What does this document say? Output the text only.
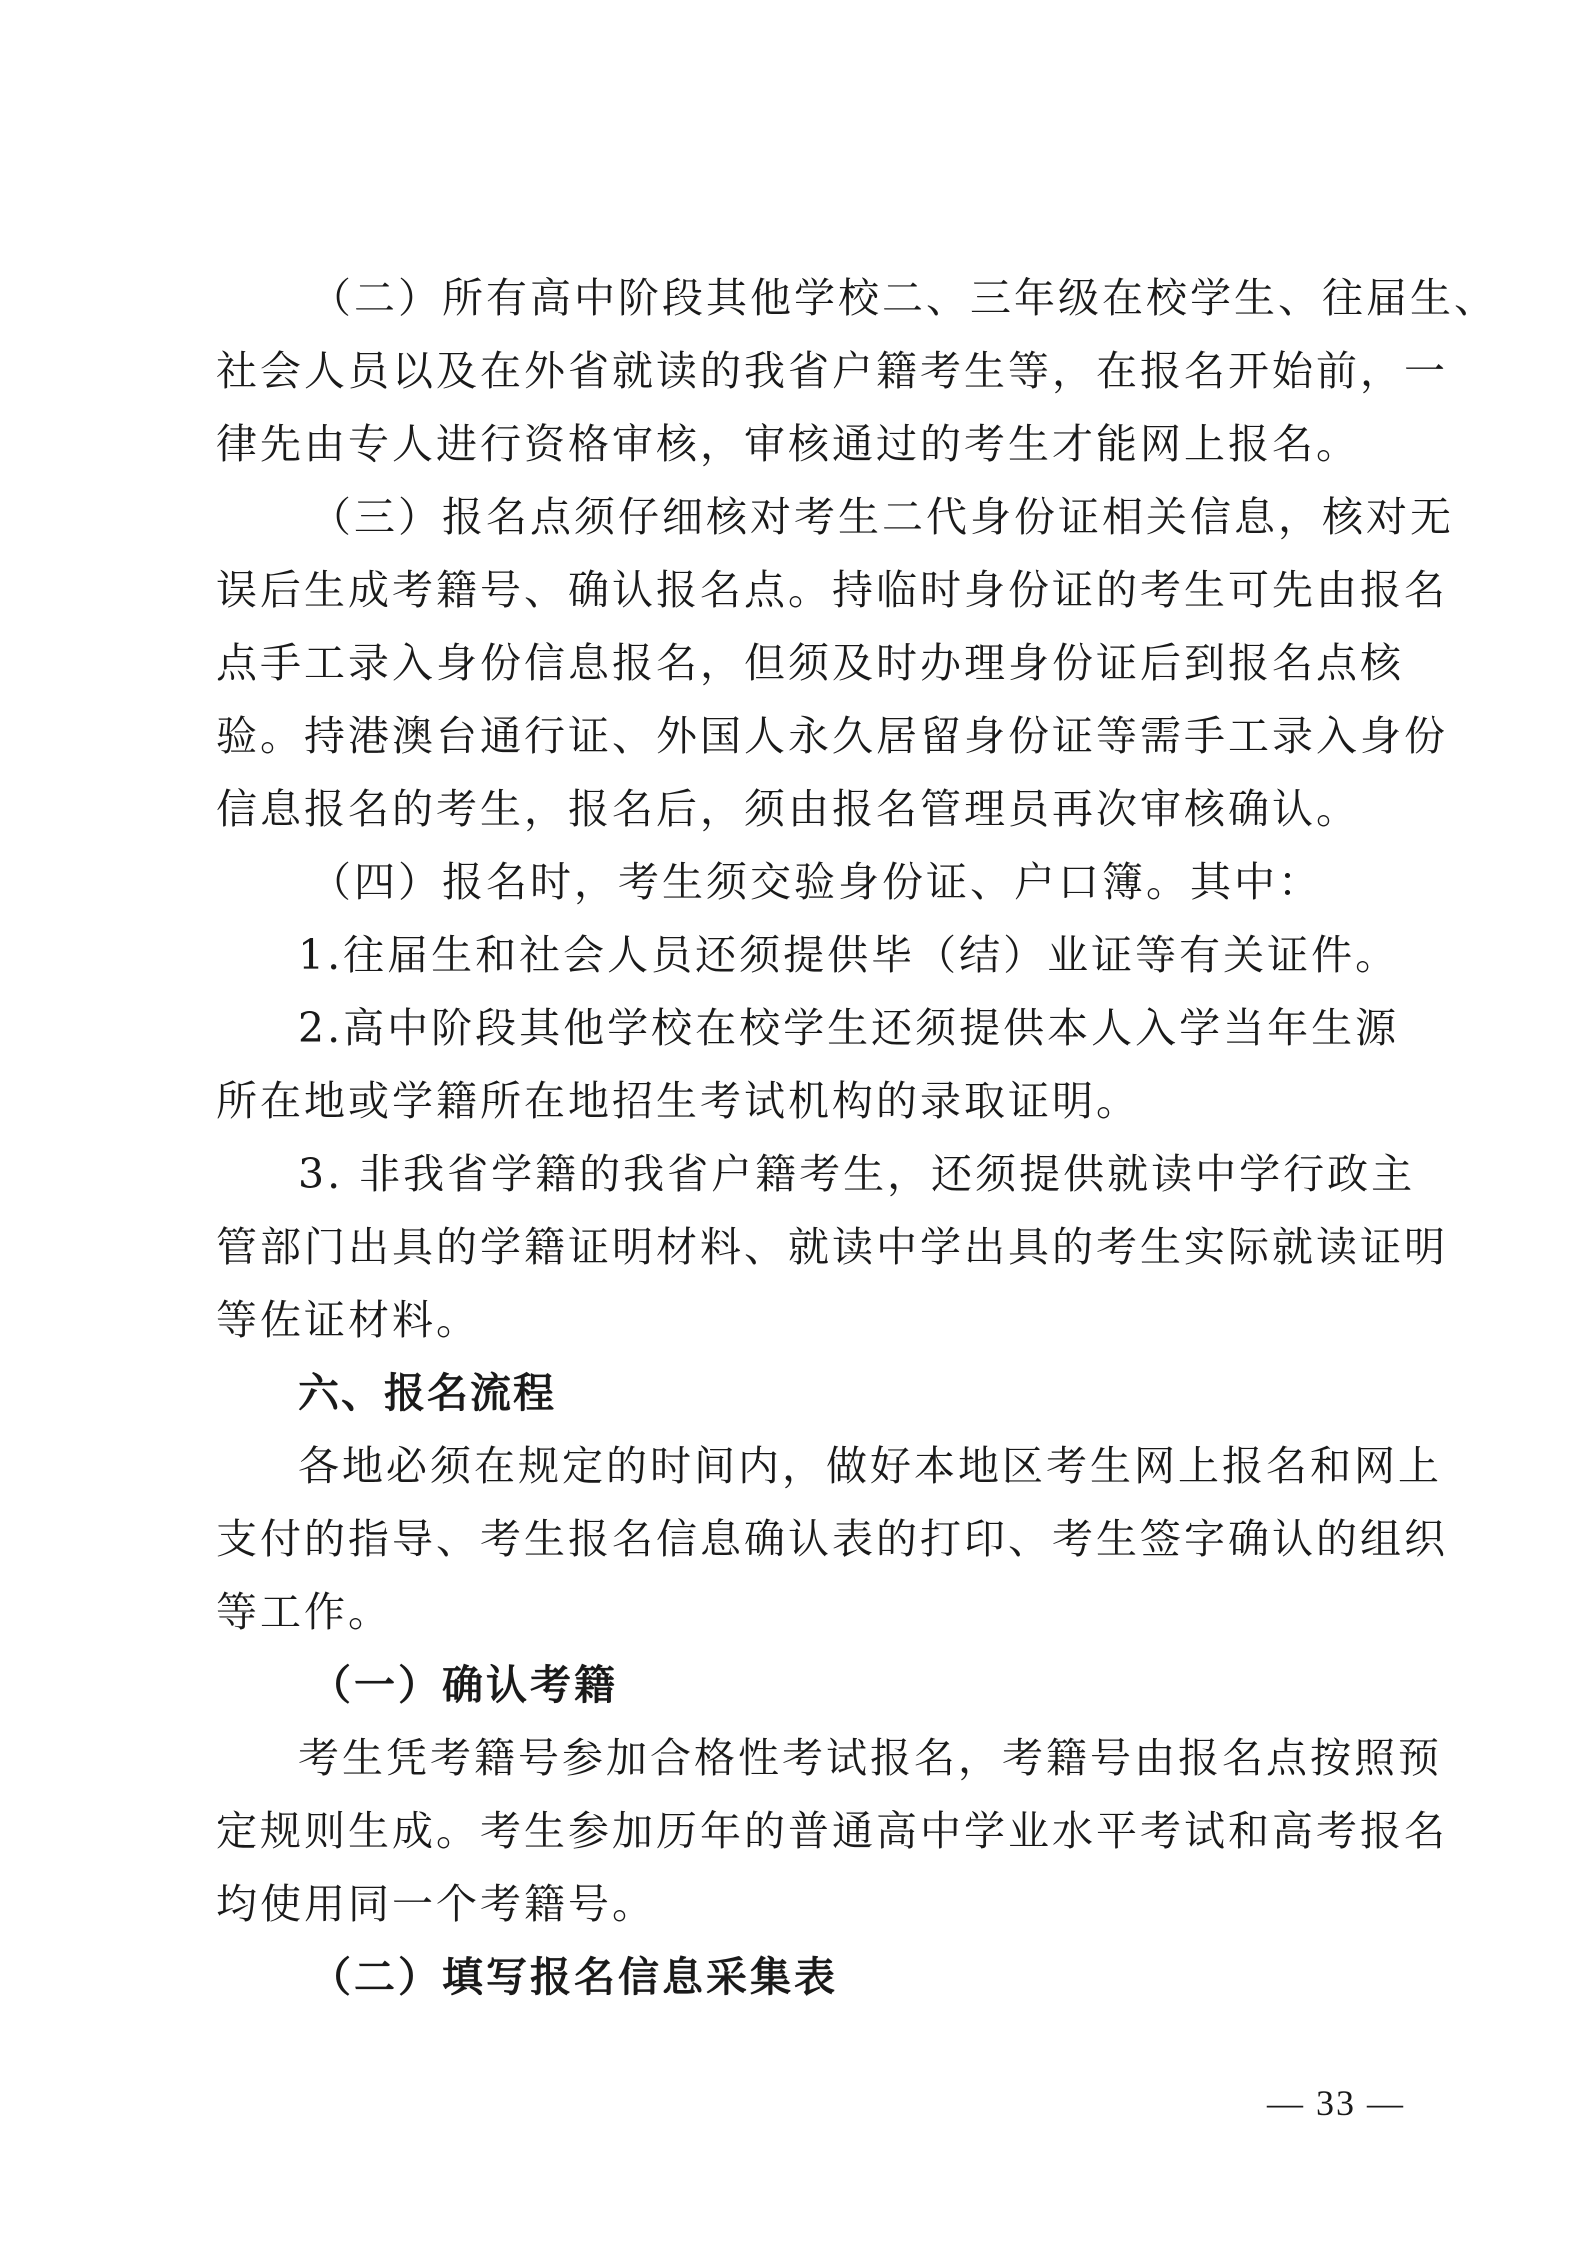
（二）所有高中阶段其他学校二、三年级在校学生、往届生、
社会人员以及在外省就读的我省户籍考生等，在报名开始前，一
律先由专人进行资格审核，审核通过的考生才能网上报名。
（三）报名点须仔细核对考生二代身份证相关信息，核对无
误后生成考籍号、确认报名点。持临时身份证的考生可先由报名
点手工录入身份信息报名，但须及时办理身份证后到报名点核
验。持港澳台通行证、外国人永久居留身份证等需手工录入身份
信息报名的考生，报名后，须由报名管理员再次审核确认。
（四）报名时，考生须交验身份证、户口簿。其中：
1.往届生和社会人员还须提供毕（结）业证等有关证件。
2.高中阶段其他学校在校学生还须提供本人入学当年生源
所在地或学籍所在地招生考试机构的录取证明。
3. 非我省学籍的我省户籍考生，还须提供就读中学行政主
管部门出具的学籍证明材料、就读中学出具的考生实际就读证明
等佐证材料。
六、报名流程
各地必须在规定的时间内，做好本地区考生网上报名和网上
支付的指导、考生报名信息确认表的打印、考生签字确认的组织
等工作。
（一）确认考籍
考生凭考籍号参加合格性考试报名，考籍号由报名点按照预
定规则生成。考生参加历年的普通高中学业水平考试和高考报名
均使用同一个考籍号。
（二）填写报名信息采集表
— 33 —
